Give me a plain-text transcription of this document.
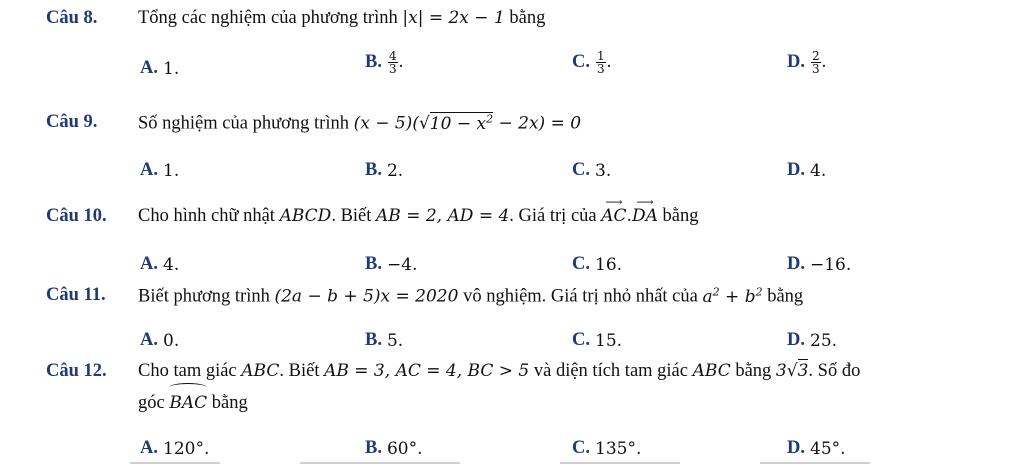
Câu 8. Tổng các nghiệm của phương trình |x| = 2x − 1 bằng
A. 1.	B. $\frac{4}{3}$ .	C. $\frac{1}{3}$ .	D. $\frac{2}{3}$ .
Câu 9. Số nghiệm của phương trình $(x - 5)(√10 - x^2 - 2x) = 0$
A. 1.	B. 2.	C. 3.	D. 4.
Câu 10. Cho hình chữ nhật ABCD. Biết AB = 2, AD = 4. Giá trị của AC
⟶
.DA
⟶
bằng
A. 4.	B. −4.	C. 16.	D. −16.
Câu 11. Biết phương trình (2a − b + 5)x = 2020 vô nghiệm. Giá trị nhỏ nhất của $a^2 + b^2$ bằng
A. 0.	B. 5.	C. 15.	D. 25.
Câu 12. Cho tam giác ABC. Biết AB = 3, AC = 4, BC > 5 và diện tích tam giác ABC bằng 3√3. Số đo
góc BAC bằng
A. 120°.	B. 60°.	C. 135°.	D. 45°.
